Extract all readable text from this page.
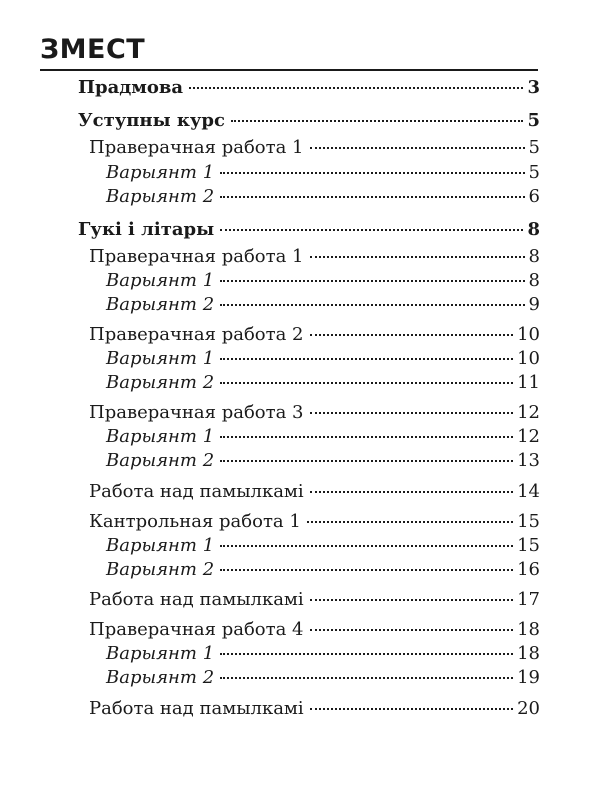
ЗМЕСТ
Прадмова	3
Уступны курс	5
Праверачная работа 1	5
Варыянт 1	5
Варыянт 2	6
Гукі і літары	8
Праверачная работа 1	8
Варыянт 1	8
Варыянт 2	9
Праверачная работа 2	10
Варыянт 1	10
Варыянт 2	11
Праверачная работа 3	12
Варыянт 1	12
Варыянт 2	13
Работа над памылкамі	14
Кантрольная работа 1	15
Варыянт 1	15
Варыянт 2	16
Работа над памылкамі	17
Праверачная работа 4	18
Варыянт 1	18
Варыянт 2	19
Работа над памылкамі	20
